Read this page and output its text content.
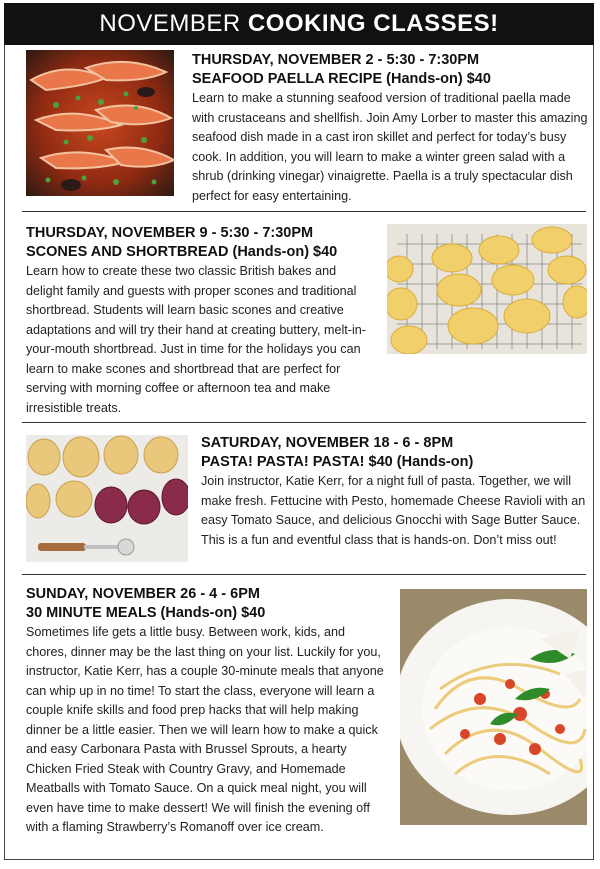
NOVEMBER COOKING CLASSES!

THURSDAY, NOVEMBER 2 - 5:30 - 7:30PM

SEAFOOD PAELLA RECIPE (Hands-on) $40

Learn to make a stunning seafood version of traditional paella made with crustaceans and shellfish. Join Amy Lorber to master this amazing seafood dish made in a cast iron skillet and perfect for today’s busy cook. In addition, you will learn to make a winter green salad with a shrub (drinking vinegar) vinaigrette. Paella is a truly spectacular dish perfect for easy entertaining.

THURSDAY, NOVEMBER 9 - 5:30 - 7:30PM

SCONES AND SHORTBREAD (Hands-on) $40

Learn how to create these two classic British bakes and delight family and guests with proper scones and traditional shortbread. Students will learn basic scones and creative adaptations and will try their hand at creating buttery, melt-in- your-mouth shortbread. Just in time for the holidays you can learn to make scones and shortbread that are perfect for serving with morning coffee or afternoon tea and make irresistible treats.

SATURDAY, NOVEMBER 18 - 6 - 8PM

PASTA! PASTA! PASTA! $40 (Hands-on)

Join instructor, Katie Kerr, for a night full of pasta. Together, we will make fresh. Fettucine with Pesto, homemade Cheese Ravioli with an easy Tomato Sauce, and delicious Gnocchi with Sage Butter Sauce. This is a fun and eventful class that is hands-on. Don’t miss out!

SUNDAY, NOVEMBER 26 - 4 - 6PM

30 MINUTE MEALS (Hands-on) $40

Sometimes life gets a little busy. Between work, kids, and chores, dinner may be the last thing on your list. Luckily for you, instructor, Katie Kerr, has a couple 30-minute meals that anyone can whip up in no time! To start the class, everyone will learn a couple knife skills and food prep hacks that will help making dinner be a little easier. Then we will learn how to make a quick and easy Carbonara Pasta with Brussel Sprouts, a hearty Chicken Fried Steak with Country Gravy, and Homemade Meatballs with Tomato Sauce. On a quick meal night, you will even have time to make dessert! We will finish the evening off with a flaming Strawberry’s Romanoff over ice cream.
